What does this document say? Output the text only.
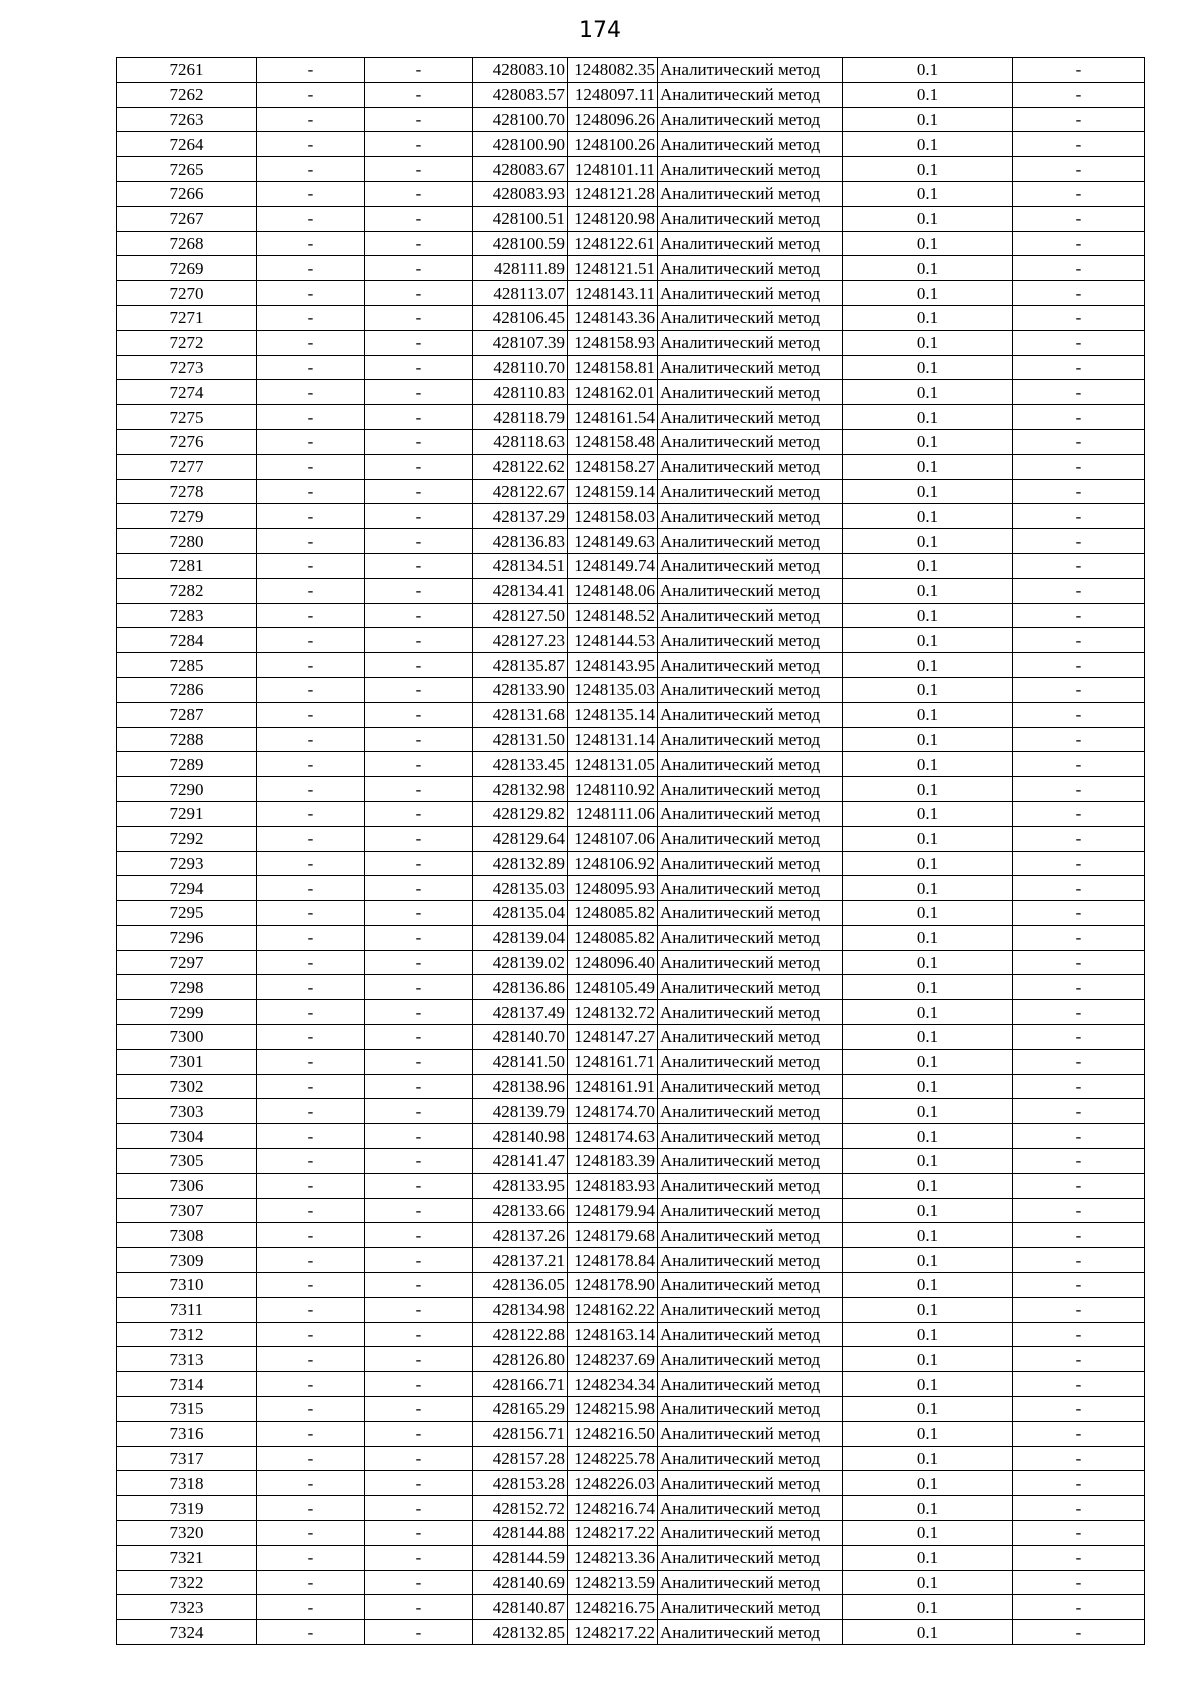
174
7261	-	-	428083.10	1248082.35	Аналитический метод	0.1	-
7262	-	-	428083.57	1248097.11	Аналитический метод	0.1	-
7263	-	-	428100.70	1248096.26	Аналитический метод	0.1	-
7264	-	-	428100.90	1248100.26	Аналитический метод	0.1	-
7265	-	-	428083.67	1248101.11	Аналитический метод	0.1	-
7266	-	-	428083.93	1248121.28	Аналитический метод	0.1	-
7267	-	-	428100.51	1248120.98	Аналитический метод	0.1	-
7268	-	-	428100.59	1248122.61	Аналитический метод	0.1	-
7269	-	-	428111.89	1248121.51	Аналитический метод	0.1	-
7270	-	-	428113.07	1248143.11	Аналитический метод	0.1	-
7271	-	-	428106.45	1248143.36	Аналитический метод	0.1	-
7272	-	-	428107.39	1248158.93	Аналитический метод	0.1	-
7273	-	-	428110.70	1248158.81	Аналитический метод	0.1	-
7274	-	-	428110.83	1248162.01	Аналитический метод	0.1	-
7275	-	-	428118.79	1248161.54	Аналитический метод	0.1	-
7276	-	-	428118.63	1248158.48	Аналитический метод	0.1	-
7277	-	-	428122.62	1248158.27	Аналитический метод	0.1	-
7278	-	-	428122.67	1248159.14	Аналитический метод	0.1	-
7279	-	-	428137.29	1248158.03	Аналитический метод	0.1	-
7280	-	-	428136.83	1248149.63	Аналитический метод	0.1	-
7281	-	-	428134.51	1248149.74	Аналитический метод	0.1	-
7282	-	-	428134.41	1248148.06	Аналитический метод	0.1	-
7283	-	-	428127.50	1248148.52	Аналитический метод	0.1	-
7284	-	-	428127.23	1248144.53	Аналитический метод	0.1	-
7285	-	-	428135.87	1248143.95	Аналитический метод	0.1	-
7286	-	-	428133.90	1248135.03	Аналитический метод	0.1	-
7287	-	-	428131.68	1248135.14	Аналитический метод	0.1	-
7288	-	-	428131.50	1248131.14	Аналитический метод	0.1	-
7289	-	-	428133.45	1248131.05	Аналитический метод	0.1	-
7290	-	-	428132.98	1248110.92	Аналитический метод	0.1	-
7291	-	-	428129.82	1248111.06	Аналитический метод	0.1	-
7292	-	-	428129.64	1248107.06	Аналитический метод	0.1	-
7293	-	-	428132.89	1248106.92	Аналитический метод	0.1	-
7294	-	-	428135.03	1248095.93	Аналитический метод	0.1	-
7295	-	-	428135.04	1248085.82	Аналитический метод	0.1	-
7296	-	-	428139.04	1248085.82	Аналитический метод	0.1	-
7297	-	-	428139.02	1248096.40	Аналитический метод	0.1	-
7298	-	-	428136.86	1248105.49	Аналитический метод	0.1	-
7299	-	-	428137.49	1248132.72	Аналитический метод	0.1	-
7300	-	-	428140.70	1248147.27	Аналитический метод	0.1	-
7301	-	-	428141.50	1248161.71	Аналитический метод	0.1	-
7302	-	-	428138.96	1248161.91	Аналитический метод	0.1	-
7303	-	-	428139.79	1248174.70	Аналитический метод	0.1	-
7304	-	-	428140.98	1248174.63	Аналитический метод	0.1	-
7305	-	-	428141.47	1248183.39	Аналитический метод	0.1	-
7306	-	-	428133.95	1248183.93	Аналитический метод	0.1	-
7307	-	-	428133.66	1248179.94	Аналитический метод	0.1	-
7308	-	-	428137.26	1248179.68	Аналитический метод	0.1	-
7309	-	-	428137.21	1248178.84	Аналитический метод	0.1	-
7310	-	-	428136.05	1248178.90	Аналитический метод	0.1	-
7311	-	-	428134.98	1248162.22	Аналитический метод	0.1	-
7312	-	-	428122.88	1248163.14	Аналитический метод	0.1	-
7313	-	-	428126.80	1248237.69	Аналитический метод	0.1	-
7314	-	-	428166.71	1248234.34	Аналитический метод	0.1	-
7315	-	-	428165.29	1248215.98	Аналитический метод	0.1	-
7316	-	-	428156.71	1248216.50	Аналитический метод	0.1	-
7317	-	-	428157.28	1248225.78	Аналитический метод	0.1	-
7318	-	-	428153.28	1248226.03	Аналитический метод	0.1	-
7319	-	-	428152.72	1248216.74	Аналитический метод	0.1	-
7320	-	-	428144.88	1248217.22	Аналитический метод	0.1	-
7321	-	-	428144.59	1248213.36	Аналитический метод	0.1	-
7322	-	-	428140.69	1248213.59	Аналитический метод	0.1	-
7323	-	-	428140.87	1248216.75	Аналитический метод	0.1	-
7324	-	-	428132.85	1248217.22	Аналитический метод	0.1	-
